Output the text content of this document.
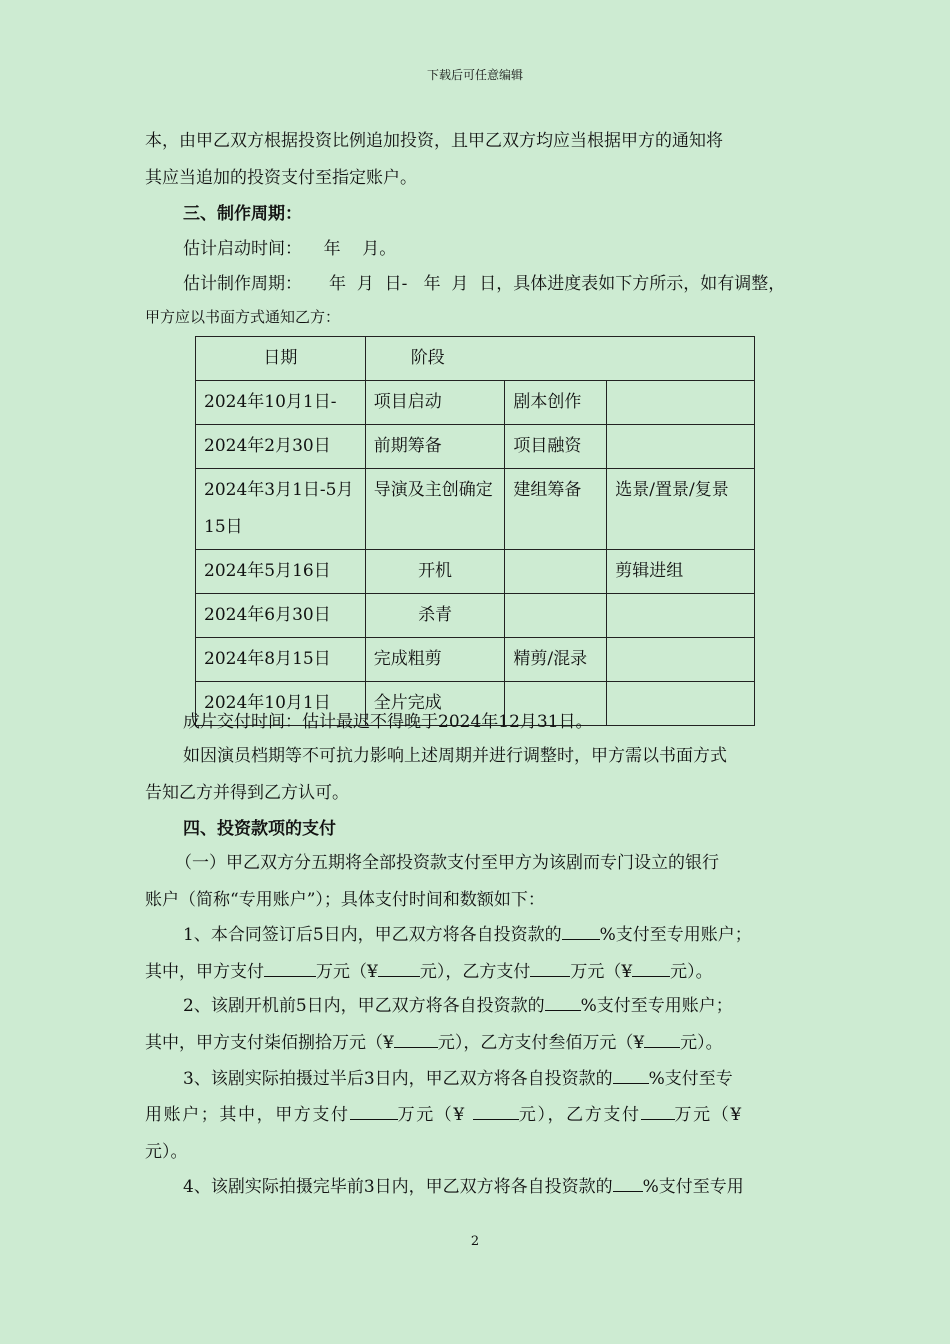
下载后可任意编辑
本，由甲乙双方根据投资比例追加投资，且甲乙双方均应当根据甲方的通知将
其应当追加的投资支付至指定账户。
三、制作周期：
估计启动时间：    年    月。
估计制作周期：     年  月  日-   年  月  日，具体进度表如下方所示，如有调整，
甲方应以书面方式通知乙方：
日期	阶段		
2024年10月1日-	项目启动	剧本创作	
2024年2月30日	前期筹备	项目融资	
2024年3月1日-5月15日	导演及主创确定	建组筹备	选景/置景/复景
2024年5月16日	开机		剪辑进组
2024年6月30日	杀青		
2024年8月15日	完成粗剪	精剪/混录	
2024年10月1日	全片完成		
成片交付时间：估计最迟不得晚于2024年12月31日。
如因演员档期等不可抗力影响上述周期并进行调整时，甲方需以书面方式
告知乙方并得到乙方认可。
四、投资款项的支付
（一）甲乙双方分五期将全部投资款支付至甲方为该剧而专门设立的银行
账户（简称“专用账户”）；具体支付时间和数额如下：
1、本合同签订后5日内，甲乙双方将各自投资款的 %支付至专用账户；
其中，甲方支付	万元（¥ 元），乙方支付 万元（¥ 元）。
2、该剧开机前5日内，甲乙双方将各自投资款的 %支付至专用账户；
其中，甲方支付柒佰捌拾万元（¥	元），乙方支付叁佰万元（¥ 元）。
3、该剧实际拍摄过半后3日内，甲乙双方将各自投资款的 %支付至专
用账户；其中，甲方支付	万元（¥	元），乙方支付 万元（¥
元）。
4、该剧实际拍摄完毕前3日内，甲乙双方将各自投资款的 %支付至专用
2
